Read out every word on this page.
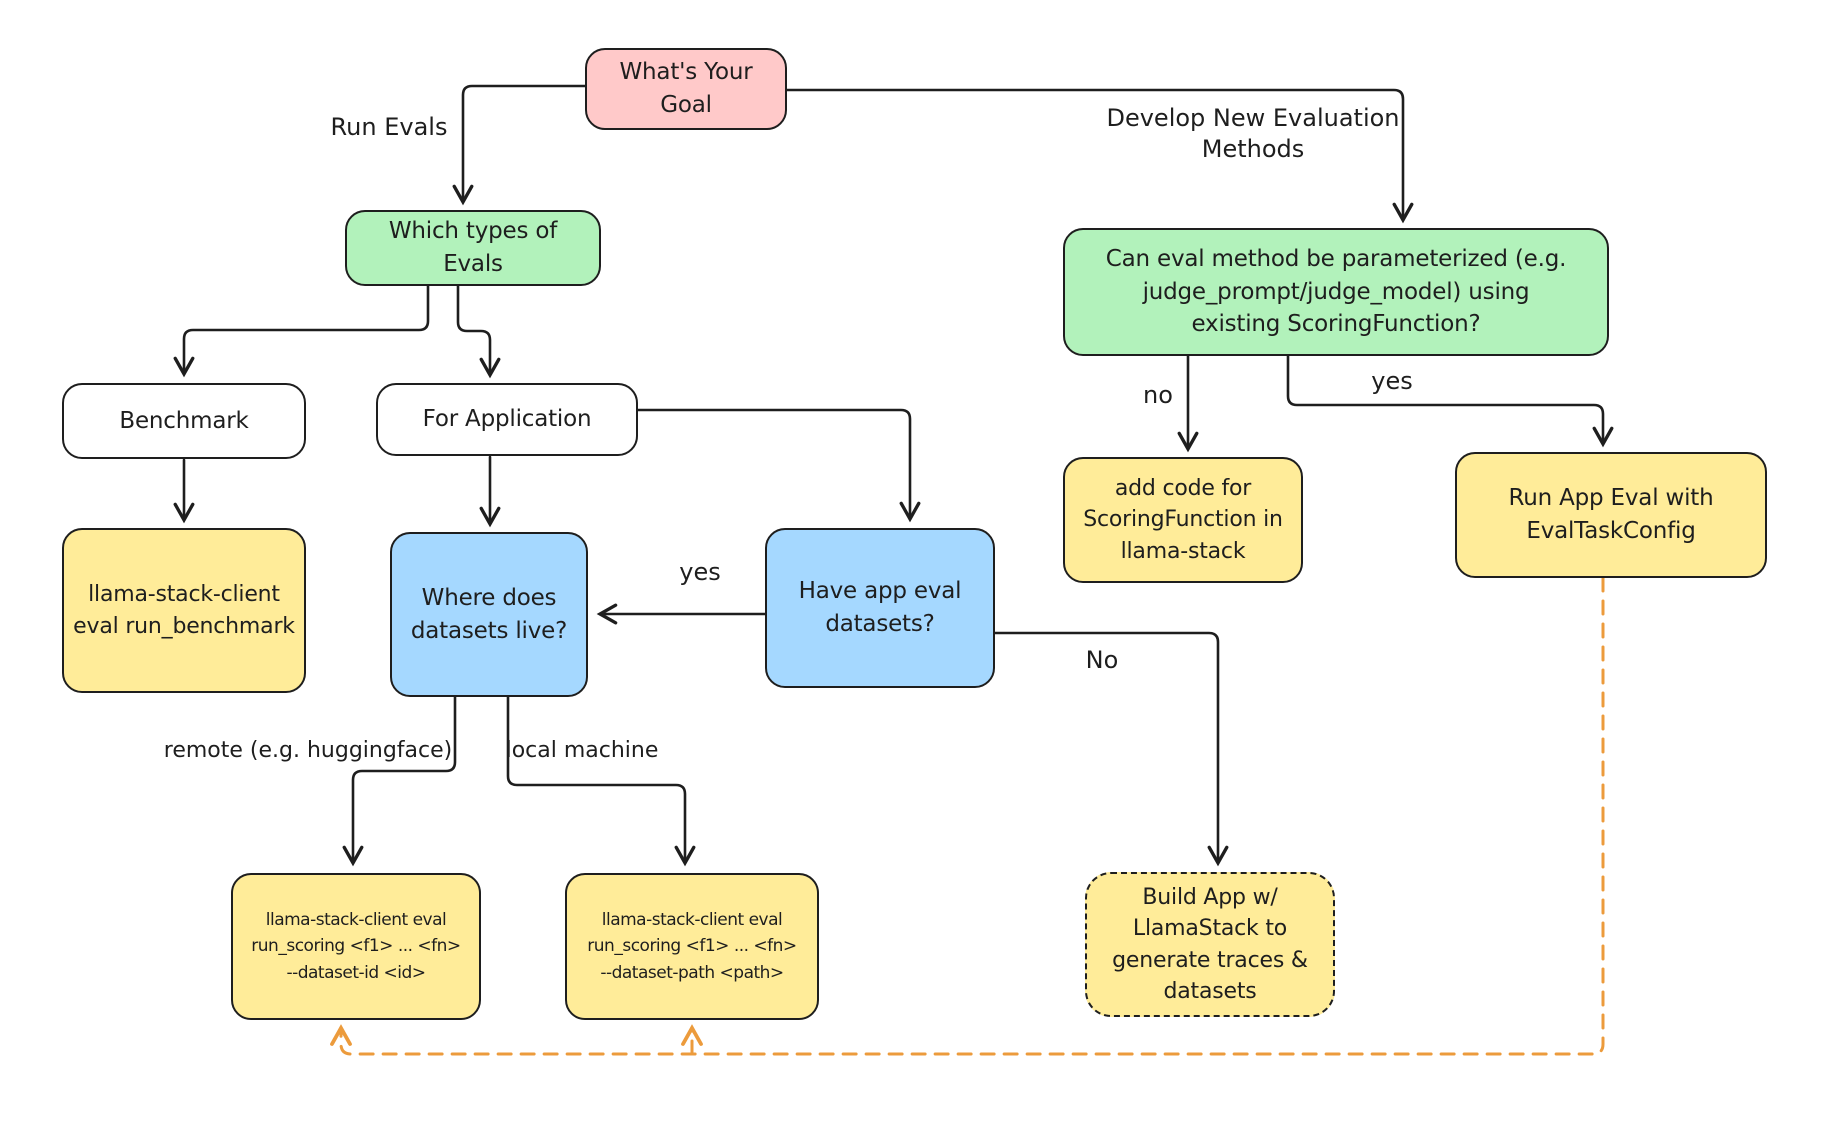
What's Your
Goal
Which types of
Evals
Benchmark	For Application
llama-stack-client
eval run_benchmark
Where does
datasets live?
Have app eval
datasets?
Can eval method be parameterized (e.g.
judge_prompt/judge_model) using
existing ScoringFunction?
add code for
ScoringFunction in
llama-stack
Run App Eval with
EvalTaskConfig
llama-stack-client eval
run_scoring <f1> ... <fn>
--dataset-id <id>
llama-stack-client eval
run_scoring <f1> ... <fn>
--dataset-path <path>
Build App w/
LlamaStack to
generate traces &
datasets
Run Evals	Develop New Evaluation
Methods
no	yes
yes
No
remote (e.g. huggingface) local machine
